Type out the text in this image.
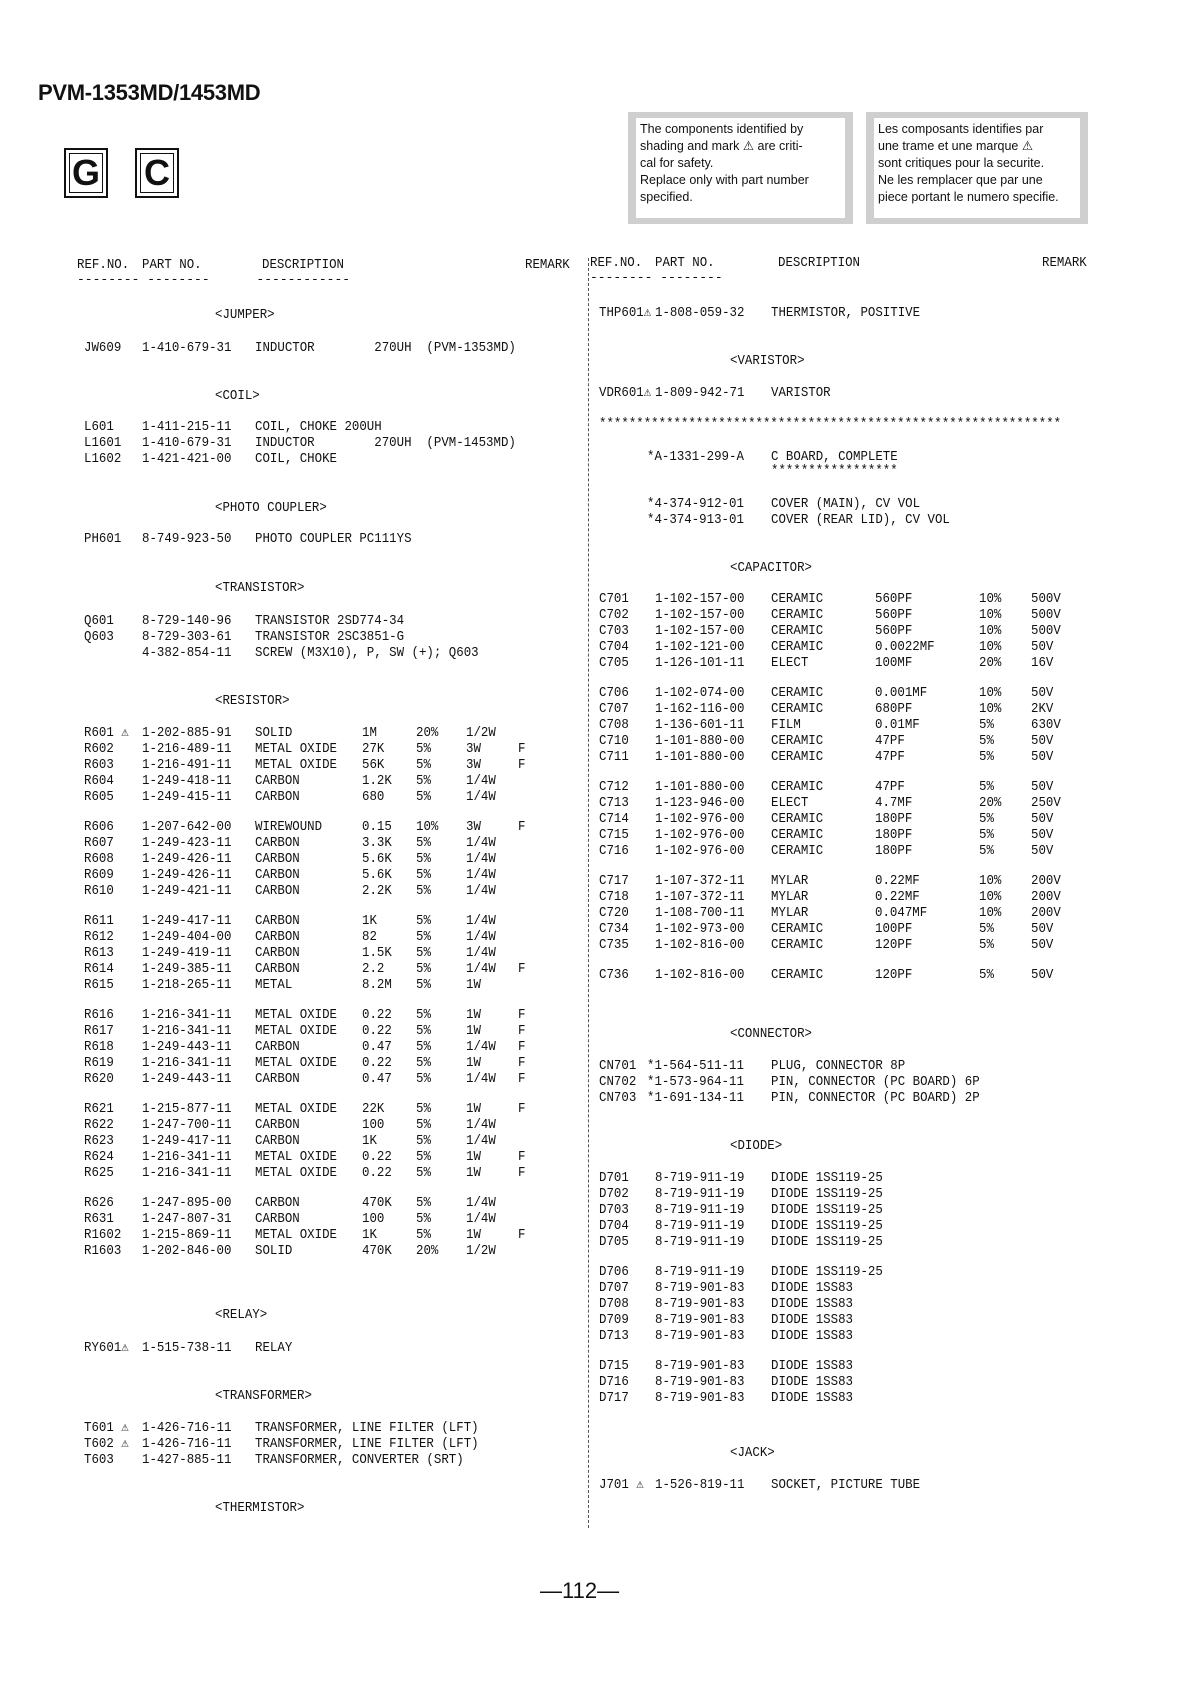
PVM-1353MD/1453MD
G C
The components identified by
shading and mark ⚠ are criti-
cal for safety.
Replace only with part number
specified.
Les composants identifies par
une trame et une marque ⚠
sont critiques pour la securite.
Ne les remplacer que par une
piece portant le numero specifie.
REF.NO. PART NO.	DESCRIPTION	REMARK
-------- --------      ------------
REF.NO. PART NO.	DESCRIPTION	REMARK
-------- --------
<JUMPER>
JW609 1-410-679-31 INDUCTOR        270UH  (PVM-1353MD)
<COIL>
L601 1-411-215-11 COIL, CHOKE 200UH
L1601 1-410-679-31 INDUCTOR        270UH  (PVM-1453MD)
L1602 1-421-421-00 COIL, CHOKE
<PHOTO COUPLER>
PH601 8-749-923-50 PHOTO COUPLER PC111YS
<TRANSISTOR>
Q601 8-729-140-96 TRANSISTOR 2SD774-34
Q603 8-729-303-61 TRANSISTOR 2SC3851-G
4-382-854-11 SCREW (M3X10), P, SW (+); Q603
<RESISTOR>
R601 ⚠ 1-202-885-91 SOLID	1M	20% 1/2W
R602 1-216-489-11 METAL OXIDE 27K 5%	3W	F
R603 1-216-491-11 METAL OXIDE 56K 5%	3W	F
R604 1-249-418-11 CARBON	1.2K 5%	1/4W
R605 1-249-415-11 CARBON	680 5%	1/4W
R606 1-207-642-00 WIREWOUND	0.15 10% 3W	F
R607 1-249-423-11 CARBON	3.3K 5%	1/4W
R608 1-249-426-11 CARBON	5.6K 5%	1/4W
R609 1-249-426-11 CARBON	5.6K 5%	1/4W
R610 1-249-421-11 CARBON	2.2K 5%	1/4W
R611 1-249-417-11 CARBON	1K	5%	1/4W
R612 1-249-404-00 CARBON	82	5%	1/4W
R613 1-249-419-11 CARBON	1.5K 5%	1/4W
R614 1-249-385-11 CARBON	2.2 5%	1/4W F
R615 1-218-265-11 METAL	8.2M 5%	1W
R616 1-216-341-11 METAL OXIDE 0.22 5%	1W	F
R617 1-216-341-11 METAL OXIDE 0.22 5%	1W	F
R618 1-249-443-11 CARBON	0.47 5%	1/4W F
R619 1-216-341-11 METAL OXIDE 0.22 5%	1W	F
R620 1-249-443-11 CARBON	0.47 5%	1/4W F
R621 1-215-877-11 METAL OXIDE 22K 5%	1W	F
R622 1-247-700-11 CARBON	100 5%	1/4W
R623 1-249-417-11 CARBON	1K	5%	1/4W
R624 1-216-341-11 METAL OXIDE 0.22 5%	1W	F
R625 1-216-341-11 METAL OXIDE 0.22 5%	1W	F
R626 1-247-895-00 CARBON	470K 5%	1/4W
R631 1-247-807-31 CARBON	100 5%	1/4W
R1602 1-215-869-11 METAL OXIDE 1K	5%	1W	F
R1603 1-202-846-00 SOLID	470K 20% 1/2W
<RELAY>
RY601⚠ 1-515-738-11 RELAY
<TRANSFORMER>
T601 ⚠ 1-426-716-11 TRANSFORMER, LINE FILTER (LFT)
T602 ⚠ 1-426-716-11 TRANSFORMER, LINE FILTER (LFT)
T603 1-427-885-11 TRANSFORMER, CONVERTER (SRT)
<THERMISTOR>
THP601⚠ 1-808-059-32 THERMISTOR, POSITIVE
<VARISTOR>
VDR601⚠ 1-809-942-71 VARISTOR
**************************************************************
*A-1331-299-A C BOARD, COMPLETE
*****************
*4-374-912-01 COVER (MAIN), CV VOL
*4-374-913-01 COVER (REAR LID), CV VOL
<CAPACITOR>
C701 1-102-157-00 CERAMIC	560PF	10% 500V
C702 1-102-157-00 CERAMIC	560PF	10% 500V
C703 1-102-157-00 CERAMIC	560PF	10% 500V
C704 1-102-121-00 CERAMIC	0.0022MF	10% 50V
C705 1-126-101-11 ELECT	100MF	20% 16V
C706 1-102-074-00 CERAMIC	0.001MF	10% 50V
C707 1-162-116-00 CERAMIC	680PF	10% 2KV
C708 1-136-601-11 FILM	0.01MF	5%	630V
C710 1-101-880-00 CERAMIC	47PF	5%	50V
C711 1-101-880-00 CERAMIC	47PF	5%	50V
C712 1-101-880-00 CERAMIC	47PF	5%	50V
C713 1-123-946-00 ELECT	4.7MF	20% 250V
C714 1-102-976-00 CERAMIC	180PF	5%	50V
C715 1-102-976-00 CERAMIC	180PF	5%	50V
C716 1-102-976-00 CERAMIC	180PF	5%	50V
C717 1-107-372-11 MYLAR	0.22MF	10% 200V
C718 1-107-372-11 MYLAR	0.22MF	10% 200V
C720 1-108-700-11 MYLAR	0.047MF	10% 200V
C734 1-102-973-00 CERAMIC	100PF	5%	50V
C735 1-102-816-00 CERAMIC	120PF	5%	50V
C736 1-102-816-00 CERAMIC	120PF	5%	50V
<CONNECTOR>
CN701 *1-564-511-11 PLUG, CONNECTOR 8P
CN702 *1-573-964-11 PIN, CONNECTOR (PC BOARD) 6P
CN703 *1-691-134-11 PIN, CONNECTOR (PC BOARD) 2P
<DIODE>
D701 8-719-911-19 DIODE 1SS119-25
D702 8-719-911-19 DIODE 1SS119-25
D703 8-719-911-19 DIODE 1SS119-25
D704 8-719-911-19 DIODE 1SS119-25
D705 8-719-911-19 DIODE 1SS119-25
D706 8-719-911-19 DIODE 1SS119-25
D707 8-719-901-83 DIODE 1SS83
D708 8-719-901-83 DIODE 1SS83
D709 8-719-901-83 DIODE 1SS83
D713 8-719-901-83 DIODE 1SS83
D715 8-719-901-83 DIODE 1SS83
D716 8-719-901-83 DIODE 1SS83
D717 8-719-901-83 DIODE 1SS83
<JACK>
J701 ⚠ 1-526-819-11 SOCKET, PICTURE TUBE
—112—
